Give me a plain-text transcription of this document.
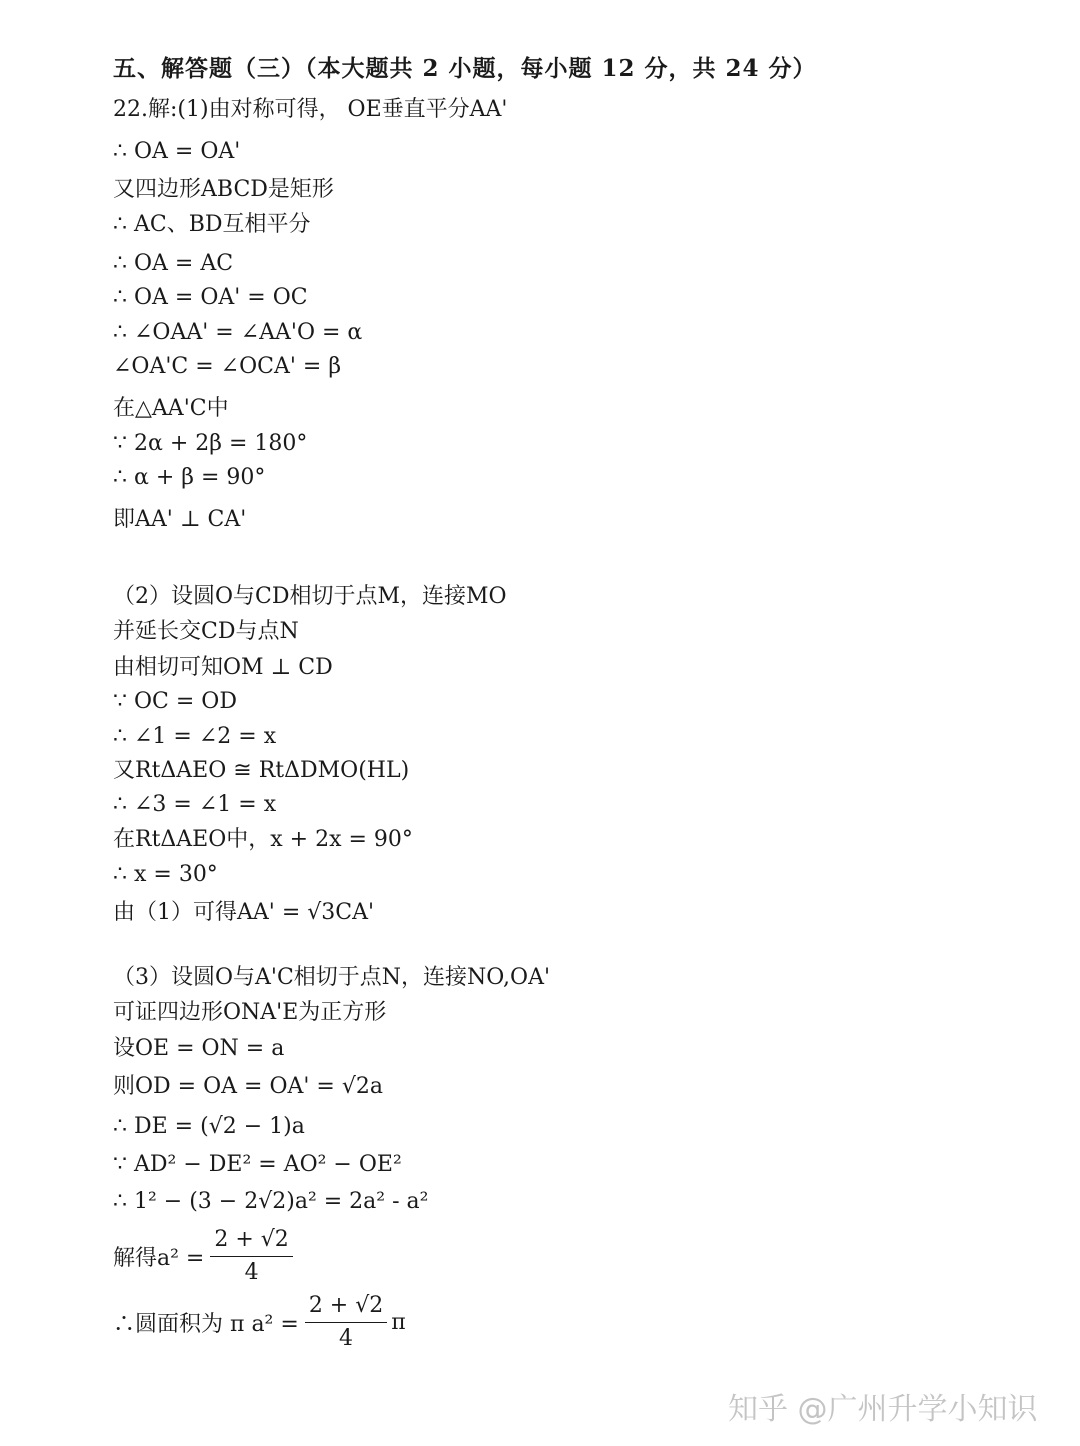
五、解答题（三）（本大题共 2 小题，每小题 12 分，共 24 分）
22.解:(1)由对称可得， OE垂直平分AA'
∴ OA = OA'
又四边形ABCD是矩形
∴ AC、BD互相平分
∴ OA = AC
∴ OA = OA' = OC
∴ ∠OAA' = ∠AA'O = α
∠OA'C = ∠OCA' = β
在△AA'C中
∵ 2α + 2β = 180°
∴ α + β = 90°
即AA' ⊥ CA'
（2）设圆O与CD相切于点M，连接MO
并延长交CD与点N
由相切可知OM ⊥ CD
∵ OC = OD
∴ ∠1 = ∠2 = x
又RtΔAEO ≅ RtΔDMO(HL)
∴ ∠3 = ∠1 = x
在RtΔAEO中，x + 2x = 90°
∴ x = 30°
由（1）可得AA' = √3CA'
（3）设圆O与A'C相切于点N，连接NO,OA'
可证四边形ONA'E为正方形
设OE = ON = a
则OD = OA = OA' = √2a
∴ DE = (√2 − 1)a
∵ AD² − DE² = AO² − OE²
∴ 1² − (3 − 2√2)a² = 2a² - a²
解得$a^2 = \frac{2 + √2}{4}$
∴圆面积为 π $a^2 = \frac{2 + √2}{4}$ π
知乎 @广州升学小知识
